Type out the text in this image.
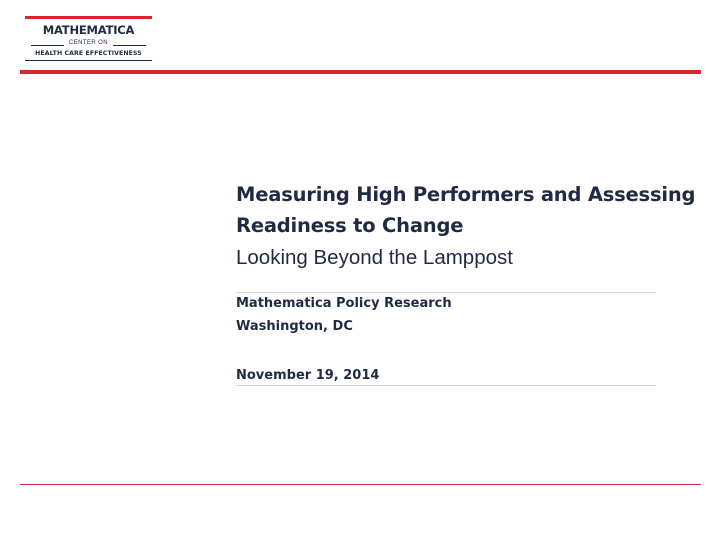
MATHEMATICA
CENTER ON
HEALTH CARE EFFECTIVENESS
Measuring High Performers and Assessing Readiness to Change
Looking Beyond the Lamppost
Mathematica Policy Research
Washington, DC
November 19, 2014
